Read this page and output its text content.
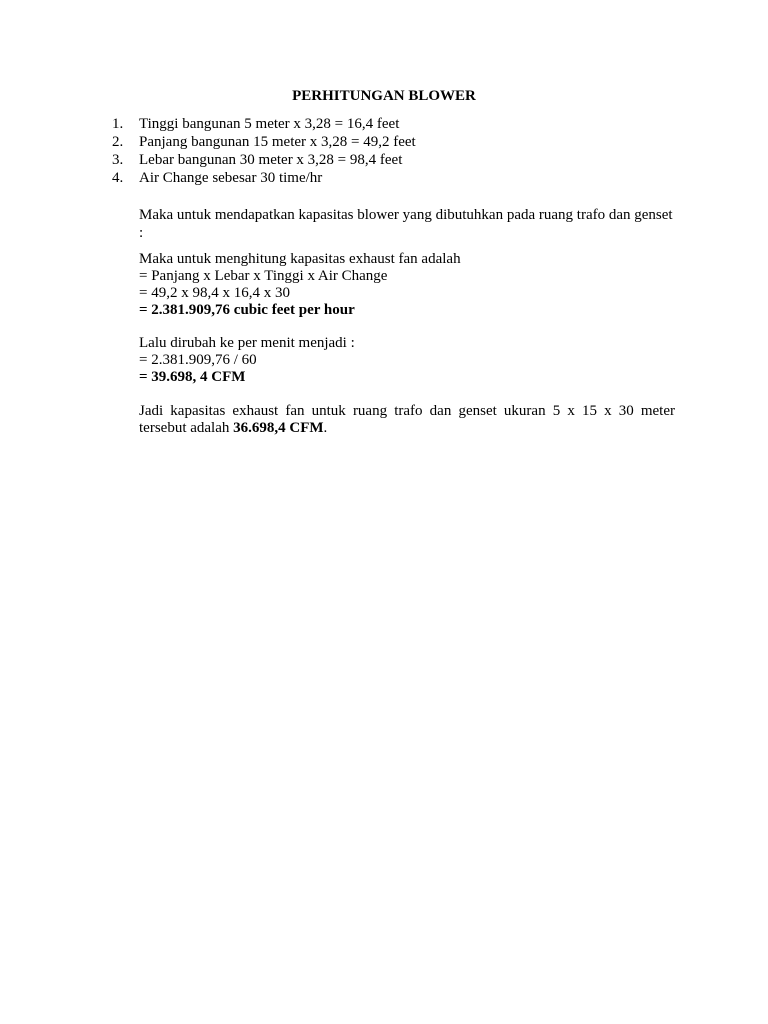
PERHITUNGAN BLOWER
1. Tinggi bangunan 5 meter x 3,28 = 16,4 feet
2. Panjang bangunan 15 meter x 3,28 = 49,2 feet
3. Lebar bangunan 30 meter x 3,28 = 98,4 feet
4. Air Change sebesar 30 time/hr

Maka untuk mendapatkan kapasitas blower yang dibutuhkan pada ruang trafo dan genset :

Maka untuk menghitung kapasitas exhaust fan adalah
= Panjang x Lebar x Tinggi x Air Change
= 49,2 x 98,4 x 16,4 x 30
= 2.381.909,76 cubic feet per hour
Lalu dirubah ke per menit menjadi :
= 2.381.909,76 / 60
= 39.698, 4 CFM

Jadi kapasitas exhaust fan untuk ruang trafo dan genset ukuran 5 x 15 x 30 meter tersebut adalah 36.698,4 CFM.
